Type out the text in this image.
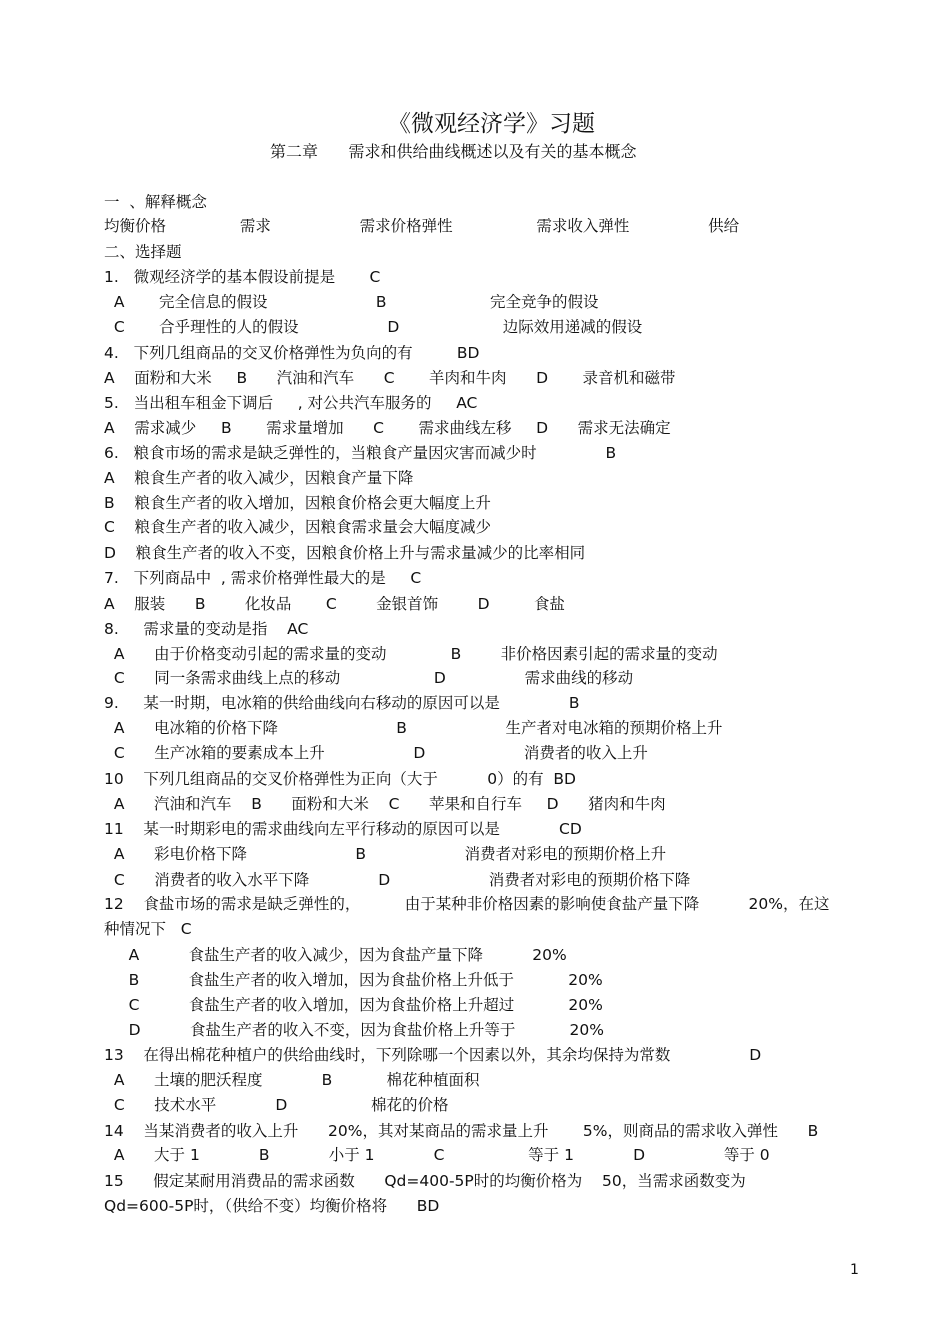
《微观经济学》习题
第二章      需求和供给曲线概述以及有关的基本概念
一  、解释概念
均衡价格               需求                  需求价格弹性                 需求收入弹性                供给
二、选择题
1.   微观经济学的基本假设前提是       C
A       完全信息的假设                      B                     完全竞争的假设
C       合乎理性的人的假设                  D                     边际效用递减的假设
4.   下列几组商品的交叉价格弹性为负向的有         BD
A    面粉和大米     B      汽油和汽车      C       羊肉和牛肉      D       录音机和磁带
5.   当出租车租金下调后     , 对公共汽车服务的     AC
A    需求减少     B       需求量增加      C       需求曲线左移     D      需求无法确定
6.   粮食市场的需求是缺乏弹性的，当粮食产量因灾害而减少时              B
A    粮食生产者的收入减少，因粮食产量下降
B    粮食生产者的收入增加，因粮食价格会更大幅度上升
C    粮食生产者的收入减少，因粮食需求量会大幅度减少
D    粮食生产者的收入不变，因粮食价格上升与需求量减少的比率相同
7.   下列商品中  , 需求价格弹性最大的是     C
A    服装      B        化妆品       C        金银首饰        D         食盐
8.     需求量的变动是指    AC
A      由于价格变动引起的需求量的变动             B        非价格因素引起的需求量的变动
C      同一条需求曲线上点的移动                   D                需求曲线的移动
9.     某一时期，电冰箱的供给曲线向右移动的原因可以是              B
A      电冰箱的价格下降                        B                    生产者对电冰箱的预期价格上升
C      生产冰箱的要素成本上升                  D                    消费者的收入上升
10    下列几组商品的交叉价格弹性为正向（大于          0）的有  BD
A      汽油和汽车    B      面粉和大米    C      苹果和自行车     D      猪肉和牛肉
11    某一时期彩电的需求曲线向左平行移动的原因可以是            CD
A      彩电价格下降                      B                    消费者对彩电的预期价格上升
C      消费者的收入水平下降              D                    消费者对彩电的预期价格下降
12    食盐市场的需求是缺乏弹性的，         由于某种非价格因素的影响使食盐产量下降          20%，在这
种情况下   C
A          食盐生产者的收入减少，因为食盐产量下降          20%
B          食盐生产者的收入增加，因为食盐价格上升低于           20%
C          食盐生产者的收入增加，因为食盐价格上升超过           20%
D          食盐生产者的收入不变，因为食盐价格上升等于           20%
13    在得出棉花种植户的供给曲线时，下列除哪一个因素以外，其余均保持为常数                D
A      土壤的肥沃程度            B           棉花种植面积
C      技术水平            D                 棉花的价格
14    当某消费者的收入上升      20%，其对某商品的需求量上升       5%，则商品的需求收入弹性      B
A      大于 1            B            小于 1            C                 等于 1            D                等于 0
15      假定某耐用消费品的需求函数      Qd=400-5P时的均衡价格为    50，当需求函数变为
Qd=600-5P时，（供给不变）均衡价格将      BD
1
